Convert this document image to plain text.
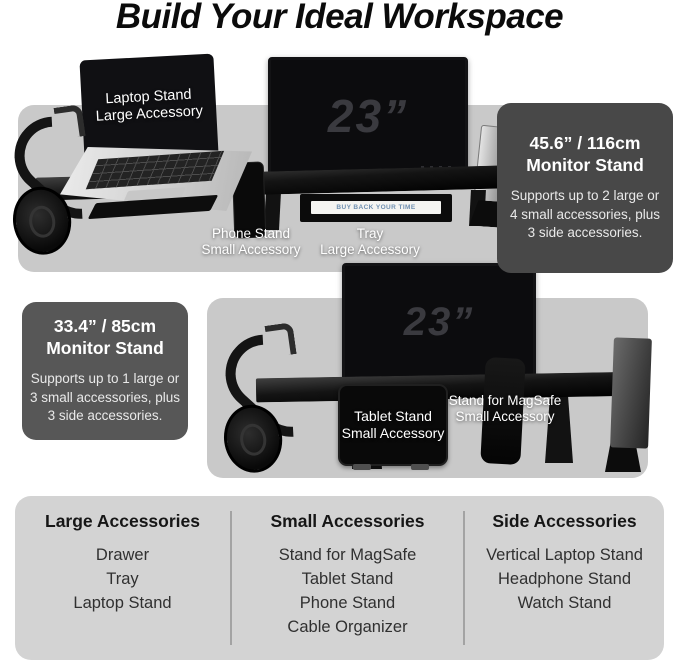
Build Your Ideal Workspace
23”
BUY BACK YOUR TIME
Laptop Stand
Large Accessory
Phone Stand
Small Accessory
Tray
Large Accessory
45.6” / 116cm
Monitor Stand
Supports up to 2 large or 4 small accessories, plus 3 side accessories.
33.4” / 85cm
Monitor Stand
Supports up to 1 large or 3 small accessories, plus 3 side accessories.
23”
Tablet Stand
Small Accessory
Stand for MagSafe
Small Accessory
Large Accessories
Drawer
Tray
Laptop Stand
Small Accessories
Stand for MagSafe
Tablet Stand
Phone Stand
Cable Organizer
Side Accessories
Vertical Laptop Stand
Headphone Stand
Watch Stand
